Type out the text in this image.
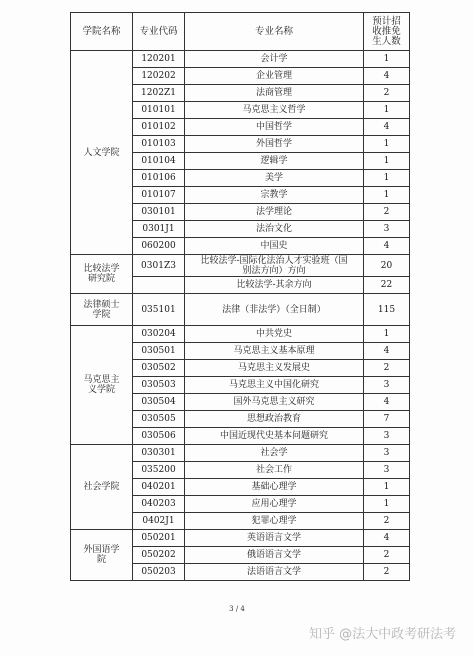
学院名称	专业代码	专业名称	预计招
收推免
生人数
人文学院	120201	会计学	1
	120202	企业管理	4
	1202Z1	法商管理	2
	010101	马克思主义哲学	1
	010102	中国哲学	4
	010103	外国哲学	1
	010104	逻辑学	1
	010106	美学	1
	010107	宗教学	1
	030101	法学理论	2
	0301J1	法治文化	3
	060200	中国史	4
比较法学
研究院	0301Z3	比较法学-国际化法治人才实验班（国
别法方向）方向	20
		比较法学-其余方向	22
法律硕士
学院	035101	法律（非法学）（全日制）	115
马克思主
义学院	030204	中共党史	1
	030501	马克思主义基本原理	4
	030502	马克思主义发展史	2
	030503	马克思主义中国化研究	3
	030504	国外马克思主义研究	4
	030505	思想政治教育	7
	030506	中国近现代史基本问题研究	3
社会学院	030301	社会学	3
	035200	社会工作	3
	040201	基础心理学	1
	040203	应用心理学	1
	0402J1	犯罪心理学	2
外国语学
院	050201	英语语言文学	4
	050202	俄语语言文学	2
	050203	法语语言文学	2
3 / 4
知乎 @法大中政考研法考
